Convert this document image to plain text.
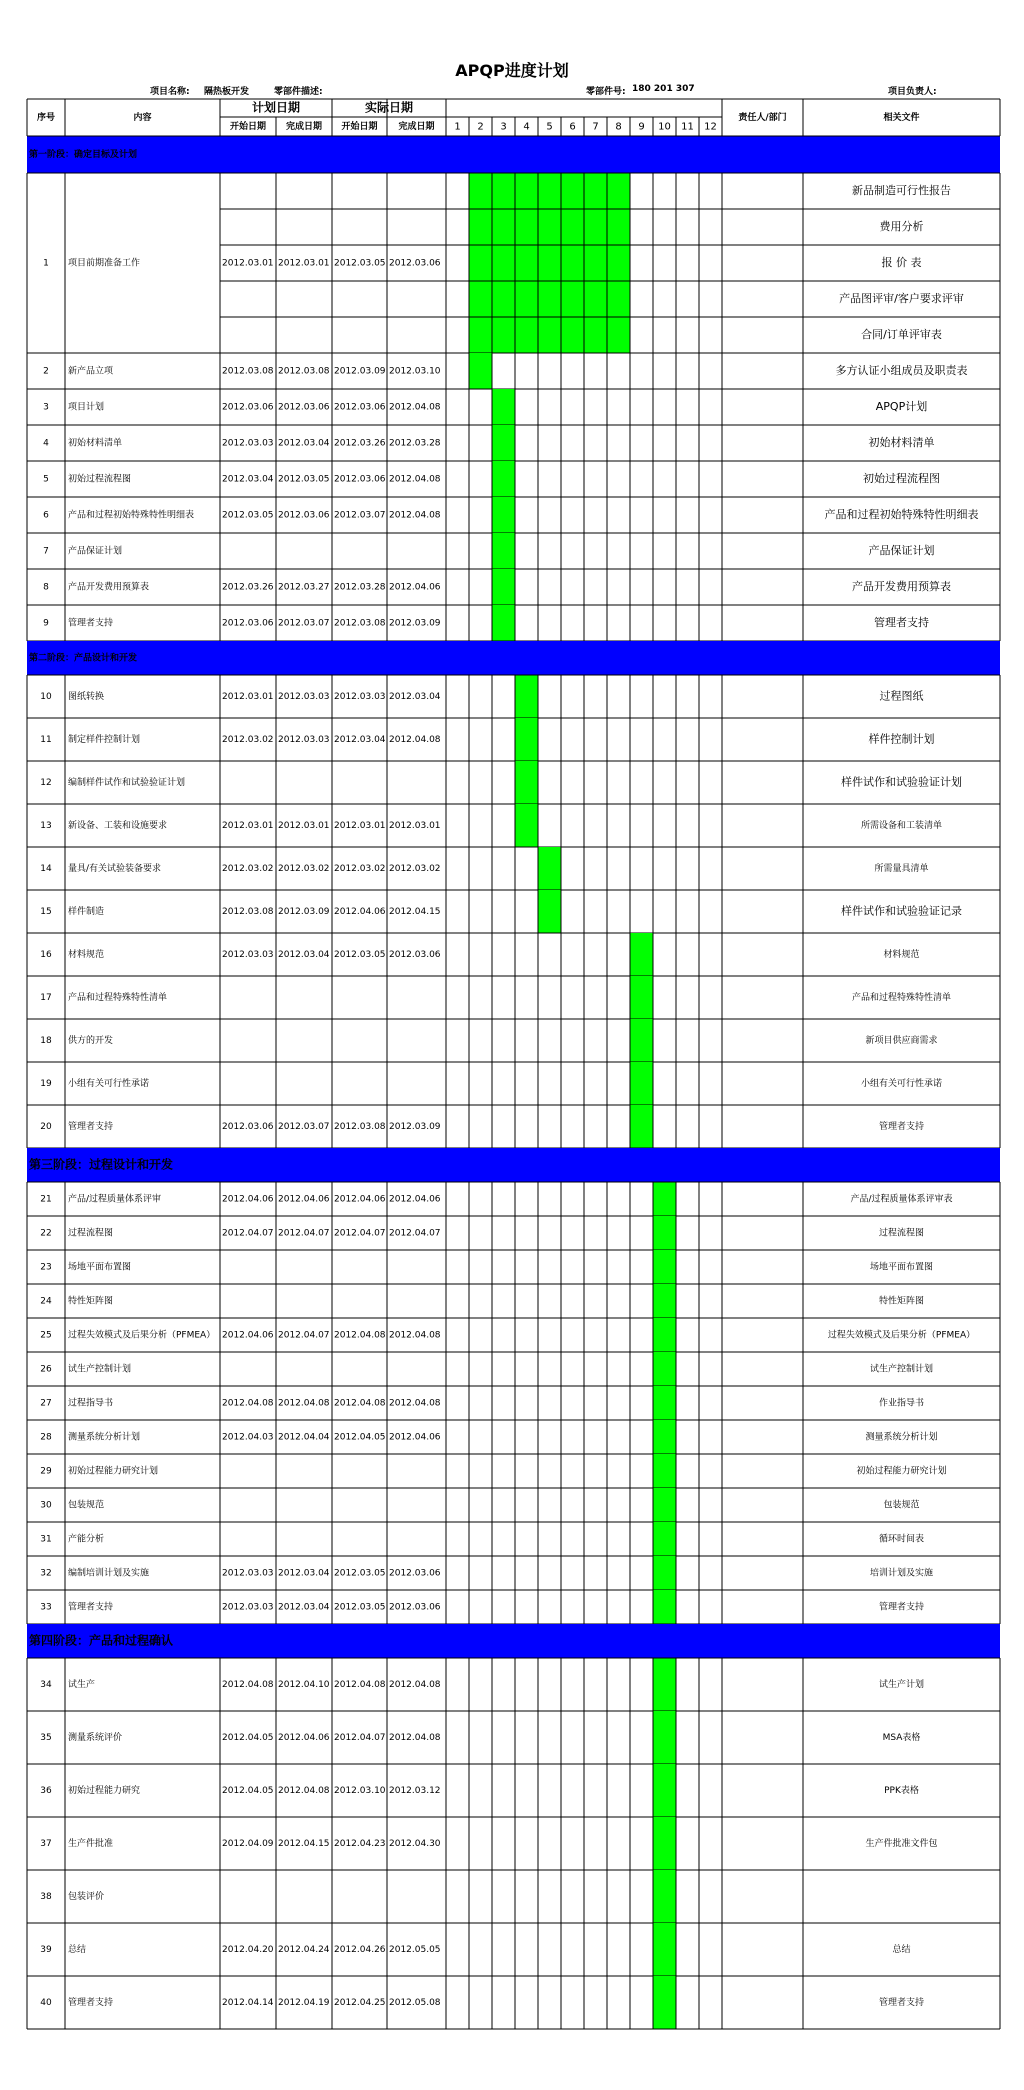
APQP进度计划
项目名称: 隔热板开发	零部件描述:	零部件号: 180 201 307	项目负责人:
序号	内容
计划日期	实际日期
开始日期 完成日期 开始日期 完成日期 1 2 3 4 5 6 7 8 9 10 11 12
责任人/部门	相关文件
第一阶段：确定目标及计划
1 项目前期准备工作	2012.03.01 2012.03.01 2012.03.05 2012.03.06
新品制造可行性报告
费用分析
报 价 表
产品图评审/客户要求评审
合同/订单评审表
2 新产品立项	2012.03.08 2012.03.08 2012.03.09 2012.03.10	多方认证小组成员及职责表
3 项目计划	2012.03.06 2012.03.06 2012.03.06 2012.04.08	APQP计划
4 初始材料清单	2012.03.03 2012.03.04 2012.03.26 2012.03.28	初始材料清单
5 初始过程流程图	2012.03.04 2012.03.05 2012.03.06 2012.04.08	初始过程流程图
6 产品和过程初始特殊特性明细表	2012.03.05 2012.03.06 2012.03.07 2012.04.08	产品和过程初始特殊特性明细表
7 产品保证计划	产品保证计划
8 产品开发费用预算表	2012.03.26 2012.03.27 2012.03.28 2012.04.06	产品开发费用预算表
9 管理者支持	2012.03.06 2012.03.07 2012.03.08 2012.03.09	管理者支持
第二阶段：产品设计和开发
10 图纸转换	2012.03.01 2012.03.03 2012.03.03 2012.03.04	过程图纸
11 制定样件控制计划	2012.03.02 2012.03.03 2012.03.04 2012.04.08	样件控制计划
12 编制样件试作和试验验证计划	样件试作和试验验证计划
13 新设备、工装和设施要求	2012.03.01 2012.03.01 2012.03.01 2012.03.01	所需设备和工装清单
14 量具/有关试验装备要求	2012.03.02 2012.03.02 2012.03.02 2012.03.02	所需量具清单
15 样件制造	2012.03.08 2012.03.09 2012.04.06 2012.04.15	样件试作和试验验证记录
16 材料规范	2012.03.03 2012.03.04 2012.03.05 2012.03.06	材料规范
17 产品和过程特殊特性清单	产品和过程特殊特性清单
18 供方的开发	新项目供应商需求
19 小组有关可行性承诺	小组有关可行性承诺
20 管理者支持	2012.03.06 2012.03.07 2012.03.08 2012.03.09	管理者支持
第三阶段：过程设计和开发
21 产品/过程质量体系评审	2012.04.06 2012.04.06 2012.04.06 2012.04.06	产品/过程质量体系评审表
22 过程流程图	2012.04.07 2012.04.07 2012.04.07 2012.04.07	过程流程图
23 场地平面布置图	场地平面布置图
24 特性矩阵图	特性矩阵图
25 过程失效模式及后果分析（PFMEA） 2012.04.06 2012.04.07 2012.04.08 2012.04.08	过程失效模式及后果分析（PFMEA）
26 试生产控制计划	试生产控制计划
27 过程指导书	2012.04.08 2012.04.08 2012.04.08 2012.04.08	作业指导书
28 测量系统分析计划	2012.04.03 2012.04.04 2012.04.05 2012.04.06	测量系统分析计划
29 初始过程能力研究计划	初始过程能力研究计划
30 包装规范	包装规范
31 产能分析	循环时间表
32 编制培训计划及实施	2012.03.03 2012.03.04 2012.03.05 2012.03.06	培训计划及实施
33 管理者支持	2012.03.03 2012.03.04 2012.03.05 2012.03.06	管理者支持
第四阶段：产品和过程确认
34 试生产	2012.04.08 2012.04.10 2012.04.08 2012.04.08	试生产计划
35 测量系统评价	2012.04.05 2012.04.06 2012.04.07 2012.04.08	MSA表格
36 初始过程能力研究	2012.04.05 2012.04.08 2012.03.10 2012.03.12	PPK表格
37 生产件批准	2012.04.09 2012.04.15 2012.04.23 2012.04.30	生产件批准文件包
38 包装评价
39 总结	2012.04.20 2012.04.24 2012.04.26 2012.05.05	总结
40 管理者支持	2012.04.14 2012.04.19 2012.04.25 2012.05.08	管理者支持
